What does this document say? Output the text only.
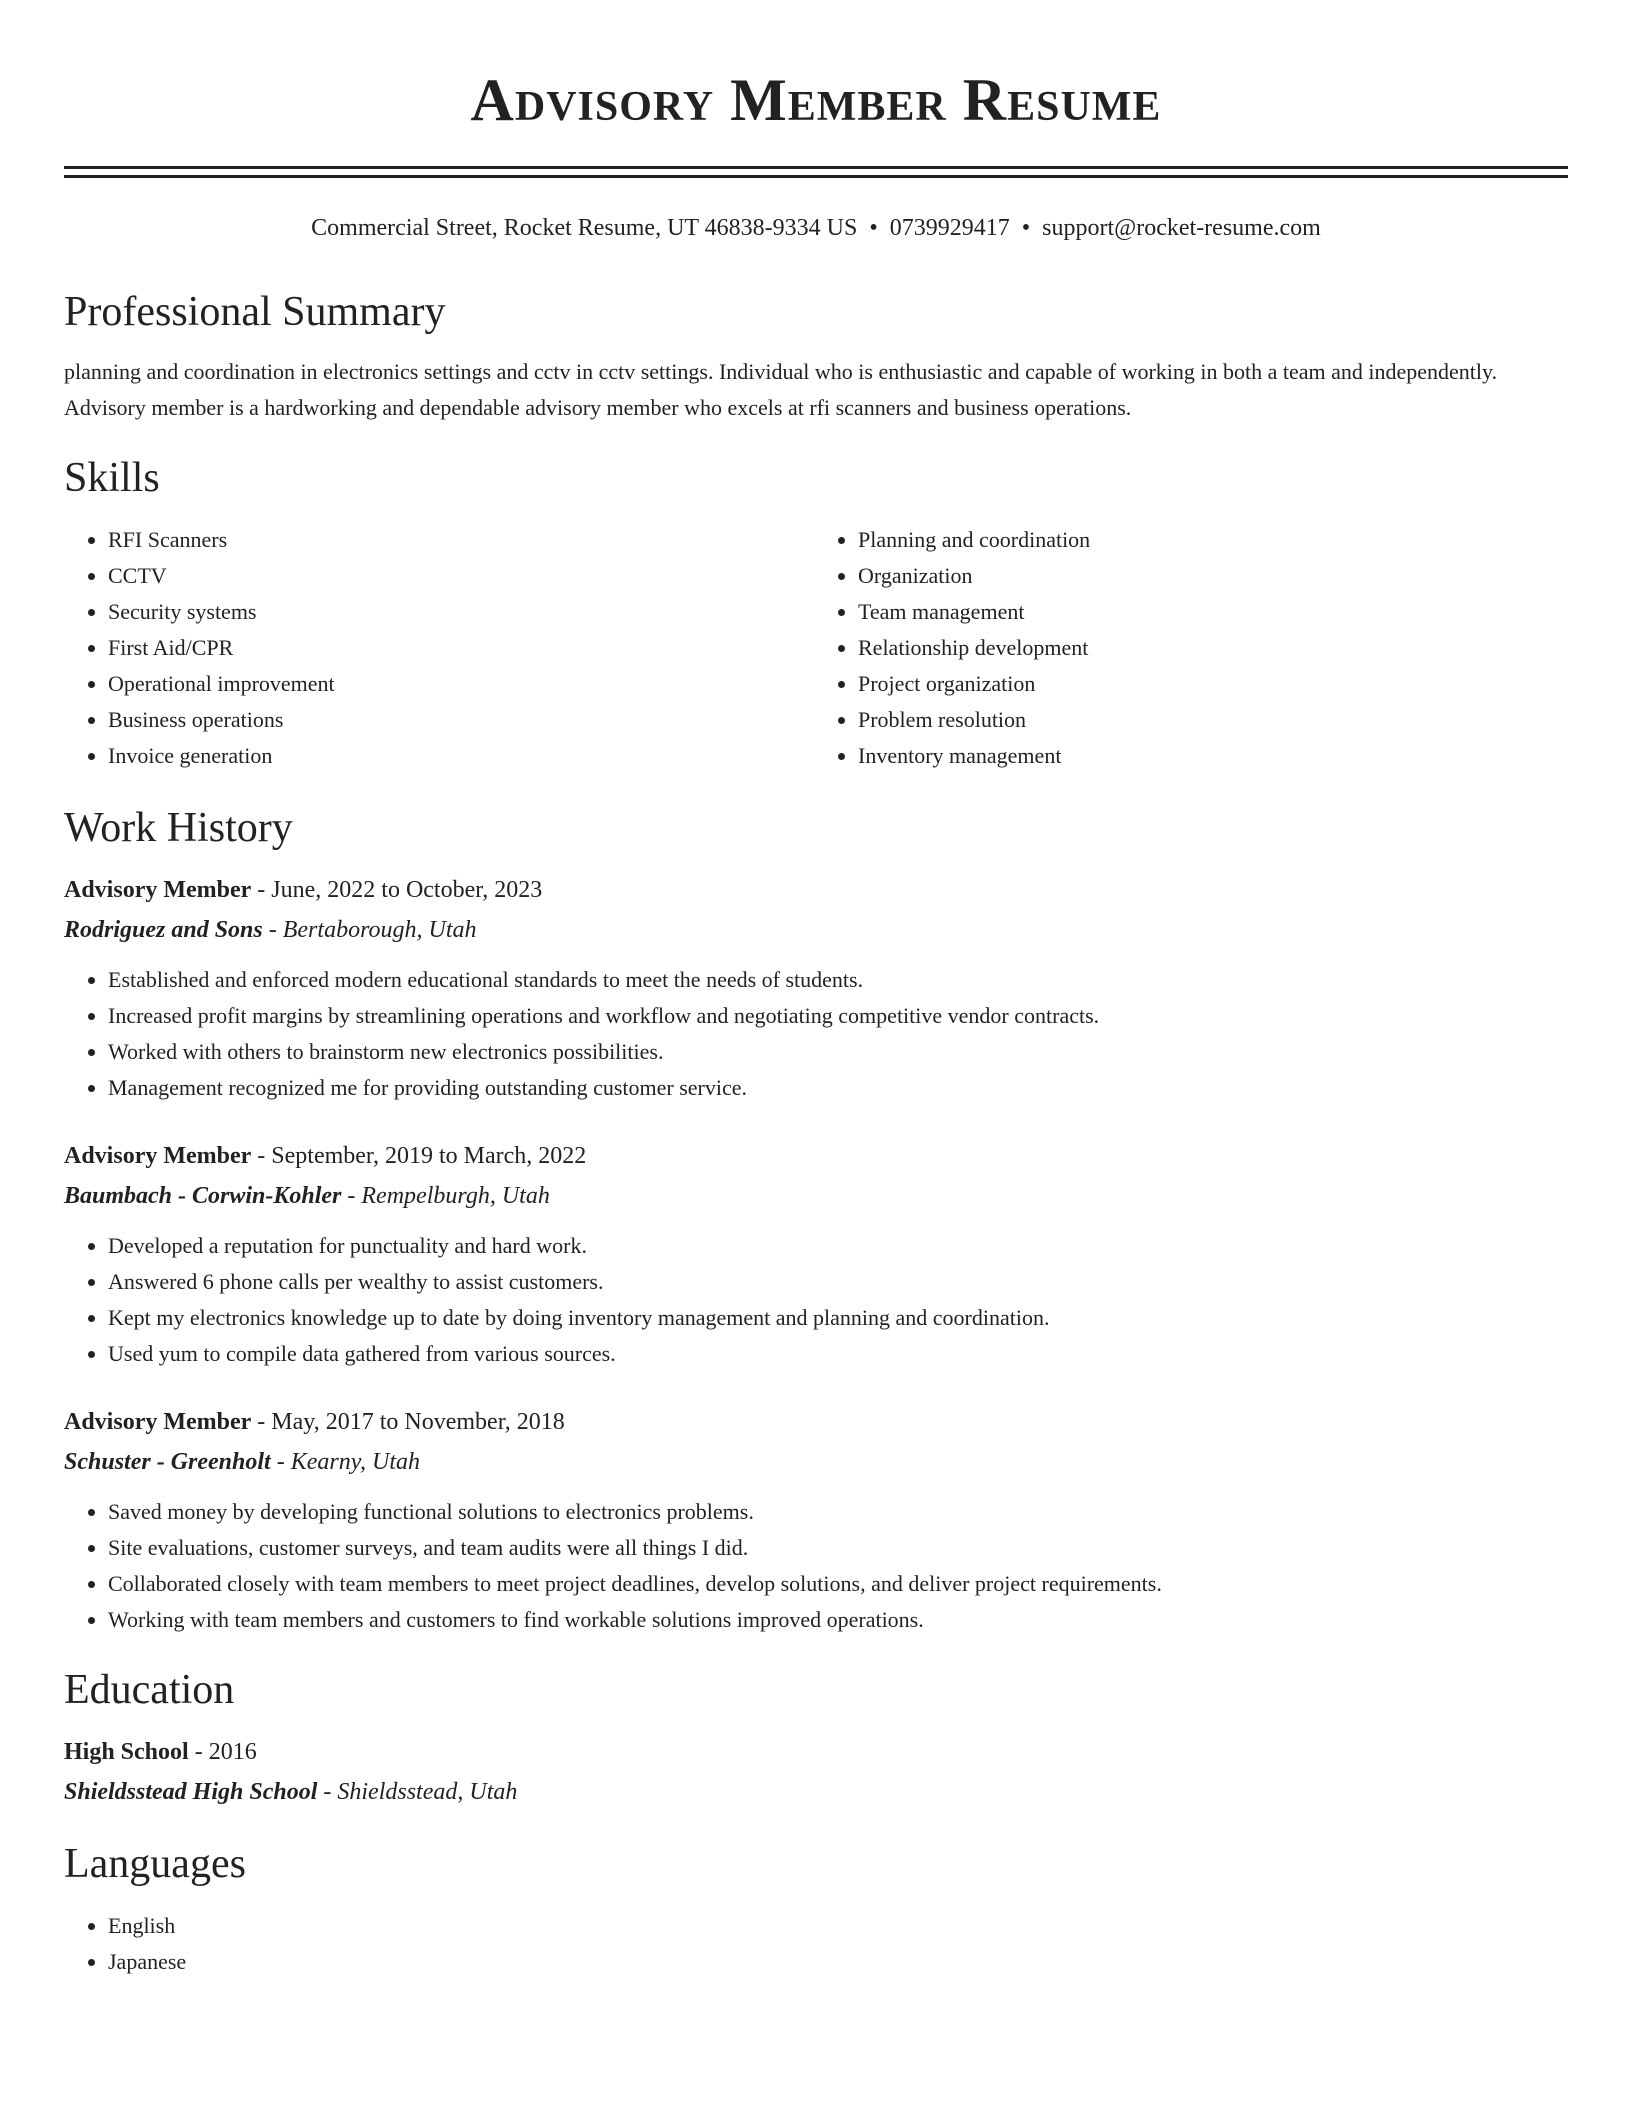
Advisory Member Resume
Commercial Street, Rocket Resume, UT 46838-9334 US • 0739929417 • support@rocket-resume.com
Professional Summary

planning and coordination in electronics settings and cctv in cctv settings. Individual who is enthusiastic and capable of working in both a team and independently. Advisory member is a hardworking and dependable advisory member who excels at rfi scanners and business operations.

Skills
• RFI Scanners
• CCTV
• Security systems
• First Aid/CPR
• Operational improvement
• Business operations
• Invoice generation
• Planning and coordination
• Organization
• Team management
• Relationship development
• Project organization
• Problem resolution
• Inventory management
Work History
Advisory Member - June, 2022 to October, 2023
Rodriguez and Sons - Bertaborough, Utah
• Established and enforced modern educational standards to meet the needs of students.
• Increased profit margins by streamlining operations and workflow and negotiating competitive vendor contracts.
• Worked with others to brainstorm new electronics possibilities.
• Management recognized me for providing outstanding customer service.
Advisory Member - September, 2019 to March, 2022
Baumbach - Corwin-Kohler - Rempelburgh, Utah
• Developed a reputation for punctuality and hard work.
• Answered 6 phone calls per wealthy to assist customers.
• Kept my electronics knowledge up to date by doing inventory management and planning and coordination.
• Used yum to compile data gathered from various sources.
Advisory Member - May, 2017 to November, 2018
Schuster - Greenholt - Kearny, Utah
• Saved money by developing functional solutions to electronics problems.
• Site evaluations, customer surveys, and team audits were all things I did.
• Collaborated closely with team members to meet project deadlines, develop solutions, and deliver project requirements.
• Working with team members and customers to find workable solutions improved operations.
Education
High School - 2016
Shieldsstead High School - Shieldsstead, Utah
Languages
• English
• Japanese
